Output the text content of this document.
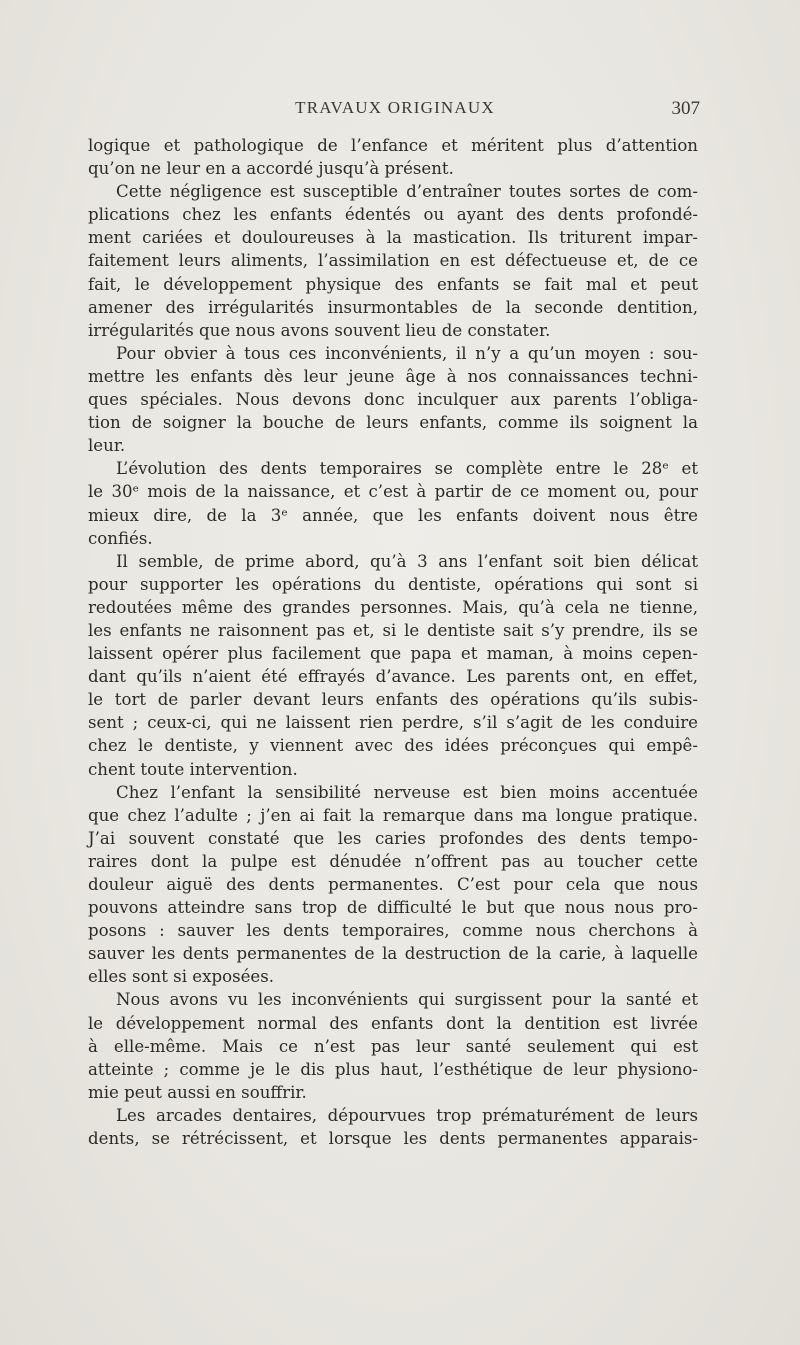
TRAVAUX ORIGINAUX	307
logique et pathologique de l’enfance et méritent plus d’attention
qu’on ne leur en a accordé jusqu’à présent.
Cette négligence est susceptible d’entraîner toutes sortes de com-
plications chez les enfants édentés ou ayant des dents profondé-
ment cariées et douloureuses à la mastication. Ils triturent impar-
faitement leurs aliments, l’assimilation en est défectueuse et, de ce
fait, le développement physique des enfants se fait mal et peut
amener des irrégularités insurmontables de la seconde dentition,
irrégularités que nous avons souvent lieu de constater.
Pour obvier à tous ces inconvénients, il n’y a qu’un moyen : sou-
mettre les enfants dès leur jeune âge à nos connaissances techni-
ques spéciales. Nous devons donc inculquer aux parents l’obliga-
tion de soigner la bouche de leurs enfants, comme ils soignent la
leur.
L’évolution des dents temporaires se complète entre le 28ᵉ et
le 30ᵉ mois de la naissance, et c’est à partir de ce moment ou, pour
mieux dire, de la 3ᵉ année, que les enfants doivent nous être
confiés.
Il semble, de prime abord, qu’à 3 ans l’enfant soit bien délicat
pour supporter les opérations du dentiste, opérations qui sont si
redoutées même des grandes personnes. Mais, qu’à cela ne tienne,
les enfants ne raisonnent pas et, si le dentiste sait s’y prendre, ils se
laissent opérer plus facilement que papa et maman, à moins cepen-
dant qu’ils n’aient été effrayés d’avance. Les parents ont, en effet,
le tort de parler devant leurs enfants des opérations qu’ils subis-
sent ; ceux-ci, qui ne laissent rien perdre, s’il s’agit de les conduire
chez le dentiste, y viennent avec des idées préconçues qui empê-
chent toute intervention.
Chez l’enfant la sensibilité nerveuse est bien moins accentuée
que chez l’adulte ; j’en ai fait la remarque dans ma longue pratique.
J’ai souvent constaté que les caries profondes des dents tempo-
raires dont la pulpe est dénudée n’offrent pas au toucher cette
douleur aiguë des dents permanentes. C’est pour cela que nous
pouvons atteindre sans trop de difficulté le but que nous nous pro-
posons : sauver les dents temporaires, comme nous cherchons à
sauver les dents permanentes de la destruction de la carie, à laquelle
elles sont si exposées.
Nous avons vu les inconvénients qui surgissent pour la santé et
le développement normal des enfants dont la dentition est livrée
à elle-même. Mais ce n’est pas leur santé seulement qui est
atteinte ; comme je le dis plus haut, l’esthétique de leur physiono-
mie peut aussi en souffrir.
Les arcades dentaires, dépourvues trop prématurément de leurs
dents, se rétrécissent, et lorsque les dents permanentes apparais-
